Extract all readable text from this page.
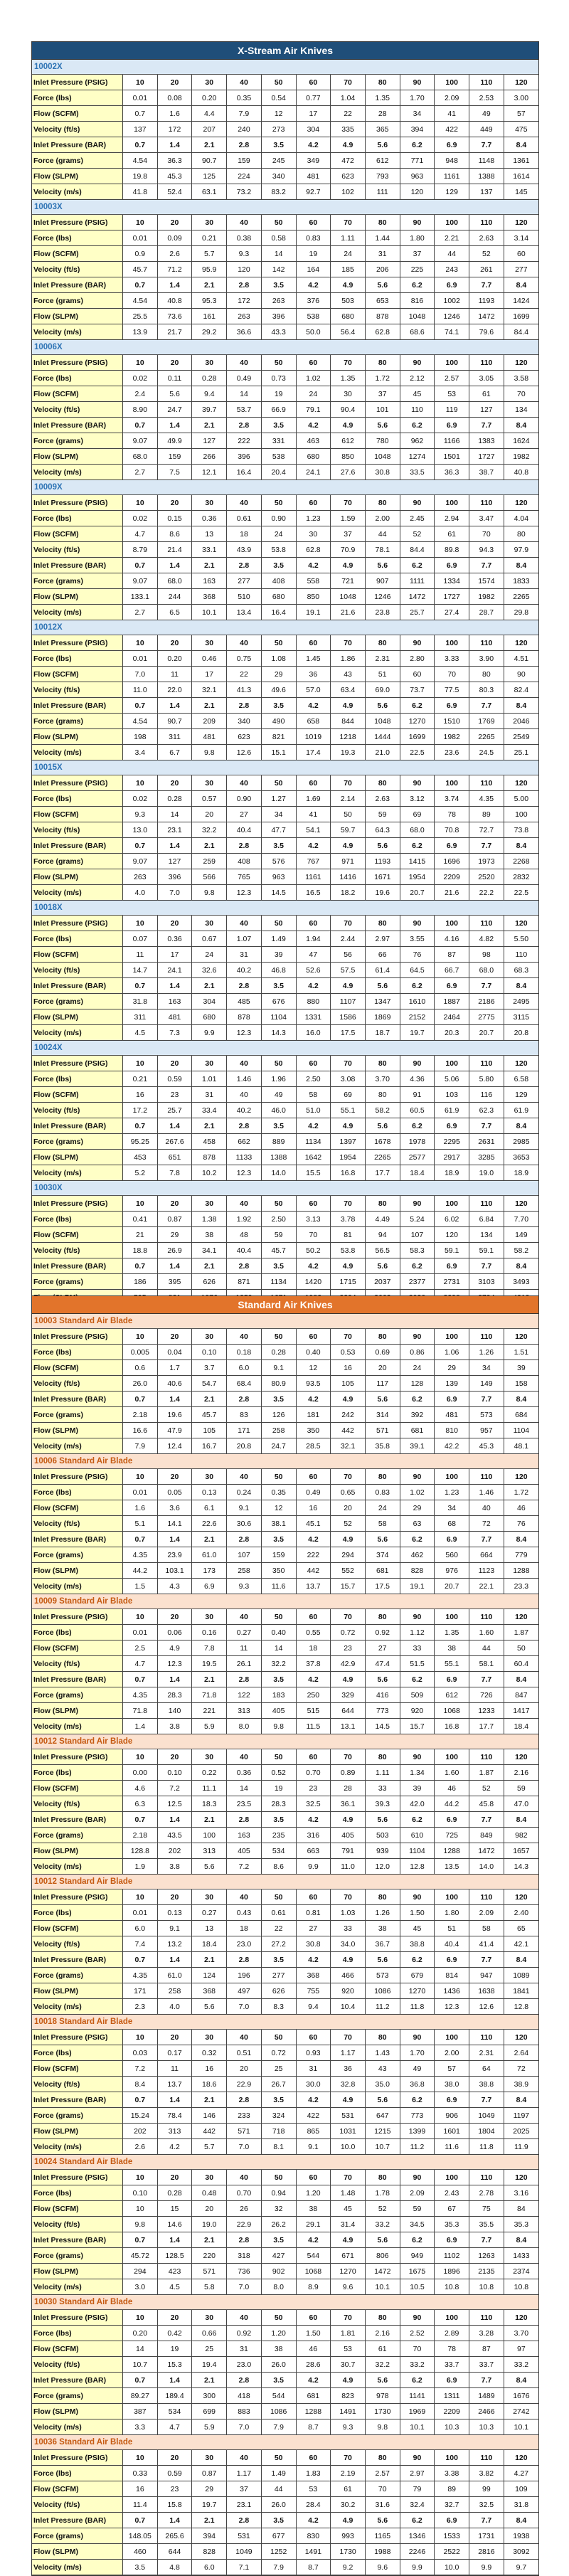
X-Stream Air Knives
10002X
Inlet Pressure (PSIG)	10	20	30	40	50	60	70	80	90	100	110	120
Force (lbs)	0.01	0.08	0.20	0.35	0.54	0.77	1.04	1.35	1.70	2.09	2.53	3.00
Flow (SCFM)	0.7	1.6	4.4	7.9	12	17	22	28	34	41	49	57
Velocity (ft/s)	137	172	207	240	273	304	335	365	394	422	449	475
Inlet Pressure (BAR)	0.7	1.4	2.1	2.8	3.5	4.2	4.9	5.6	6.2	6.9	7.7	8.4
Force (grams)	4.54	36.3	90.7	159	245	349	472	612	771	948	1148	1361
Flow (SLPM)	19.8	45.3	125	224	340	481	623	793	963	1161	1388	1614
Velocity (m/s)	41.8	52.4	63.1	73.2	83.2	92.7	102	111	120	129	137	145
10003X
Inlet Pressure (PSIG)	10	20	30	40	50	60	70	80	90	100	110	120
Force (lbs)	0.01	0.09	0.21	0.38	0.58	0.83	1.11	1.44	1.80	2.21	2.63	3.14
Flow (SCFM)	0.9	2.6	5.7	9.3	14	19	24	31	37	44	52	60
Velocity (ft/s)	45.7	71.2	95.9	120	142	164	185	206	225	243	261	277
Inlet Pressure (BAR)	0.7	1.4	2.1	2.8	3.5	4.2	4.9	5.6	6.2	6.9	7.7	8.4
Force (grams)	4.54	40.8	95.3	172	263	376	503	653	816	1002	1193	1424
Flow (SLPM)	25.5	73.6	161	263	396	538	680	878	1048	1246	1472	1699
Velocity (m/s)	13.9	21.7	29.2	36.6	43.3	50.0	56.4	62.8	68.6	74.1	79.6	84.4
10006X
Inlet Pressure (PSIG)	10	20	30	40	50	60	70	80	90	100	110	120
Force (lbs)	0.02	0.11	0.28	0.49	0.73	1.02	1.35	1.72	2.12	2.57	3.05	3.58
Flow (SCFM)	2.4	5.6	9.4	14	19	24	30	37	45	53	61	70
Velocity (ft/s)	8.90	24.7	39.7	53.7	66.9	79.1	90.4	101	110	119	127	134
Inlet Pressure (BAR)	0.7	1.4	2.1	2.8	3.5	4.2	4.9	5.6	6.2	6.9	7.7	8.4
Force (grams)	9.07	49.9	127	222	331	463	612	780	962	1166	1383	1624
Flow (SLPM)	68.0	159	266	396	538	680	850	1048	1274	1501	1727	1982
Velocity (m/s)	2.7	7.5	12.1	16.4	20.4	24.1	27.6	30.8	33.5	36.3	38.7	40.8
10009X
Inlet Pressure (PSIG)	10	20	30	40	50	60	70	80	90	100	110	120
Force (lbs)	0.02	0.15	0.36	0.61	0.90	1.23	1.59	2.00	2.45	2.94	3.47	4.04
Flow (SCFM)	4.7	8.6	13	18	24	30	37	44	52	61	70	80
Velocity (ft/s)	8.79	21.4	33.1	43.9	53.8	62.8	70.9	78.1	84.4	89.8	94.3	97.9
Inlet Pressure (BAR)	0.7	1.4	2.1	2.8	3.5	4.2	4.9	5.6	6.2	6.9	7.7	8.4
Force (grams)	9.07	68.0	163	277	408	558	721	907	1111	1334	1574	1833
Flow (SLPM)	133.1	244	368	510	680	850	1048	1246	1472	1727	1982	2265
Velocity (m/s)	2.7	6.5	10.1	13.4	16.4	19.1	21.6	23.8	25.7	27.4	28.7	29.8
10012X
Inlet Pressure (PSIG)	10	20	30	40	50	60	70	80	90	100	110	120
Force (lbs)	0.01	0.20	0.46	0.75	1.08	1.45	1.86	2.31	2.80	3.33	3.90	4.51
Flow (SCFM)	7.0	11	17	22	29	36	43	51	60	70	80	90
Velocity (ft/s)	11.0	22.0	32.1	41.3	49.6	57.0	63.4	69.0	73.7	77.5	80.3	82.4
Inlet Pressure (BAR)	0.7	1.4	2.1	2.8	3.5	4.2	4.9	5.6	6.2	6.9	7.7	8.4
Force (grams)	4.54	90.7	209	340	490	658	844	1048	1270	1510	1769	2046
Flow (SLPM)	198	311	481	623	821	1019	1218	1444	1699	1982	2265	2549
Velocity (m/s)	3.4	6.7	9.8	12.6	15.1	17.4	19.3	21.0	22.5	23.6	24.5	25.1
10015X
Inlet Pressure (PSIG)	10	20	30	40	50	60	70	80	90	100	110	120
Force (lbs)	0.02	0.28	0.57	0.90	1.27	1.69	2.14	2.63	3.12	3.74	4.35	5.00
Flow (SCFM)	9.3	14	20	27	34	41	50	59	69	78	89	100
Velocity (ft/s)	13.0	23.1	32.2	40.4	47.7	54.1	59.7	64.3	68.0	70.8	72.7	73.8
Inlet Pressure (BAR)	0.7	1.4	2.1	2.8	3.5	4.2	4.9	5.6	6.2	6.9	7.7	8.4
Force (grams)	9.07	127	259	408	576	767	971	1193	1415	1696	1973	2268
Flow (SLPM)	263	396	566	765	963	1161	1416	1671	1954	2209	2520	2832
Velocity (m/s)	4.0	7.0	9.8	12.3	14.5	16.5	18.2	19.6	20.7	21.6	22.2	22.5
10018X
Inlet Pressure (PSIG)	10	20	30	40	50	60	70	80	90	100	110	120
Force (lbs)	0.07	0.36	0.67	1.07	1.49	1.94	2.44	2.97	3.55	4.16	4.82	5.50
Flow (SCFM)	11	17	24	31	39	47	56	66	76	87	98	110
Velocity (ft/s)	14.7	24.1	32.6	40.2	46.8	52.6	57.5	61.4	64.5	66.7	68.0	68.3
Inlet Pressure (BAR)	0.7	1.4	2.1	2.8	3.5	4.2	4.9	5.6	6.2	6.9	7.7	8.4
Force (grams)	31.8	163	304	485	676	880	1107	1347	1610	1887	2186	2495
Flow (SLPM)	311	481	680	878	1104	1331	1586	1869	2152	2464	2775	3115
Velocity (m/s)	4.5	7.3	9.9	12.3	14.3	16.0	17.5	18.7	19.7	20.3	20.7	20.8
10024X
Inlet Pressure (PSIG)	10	20	30	40	50	60	70	80	90	100	110	120
Force (lbs)	0.21	0.59	1.01	1.46	1.96	2.50	3.08	3.70	4.36	5.06	5.80	6.58
Flow (SCFM)	16	23	31	40	49	58	69	80	91	103	116	129
Velocity (ft/s)	17.2	25.7	33.4	40.2	46.0	51.0	55.1	58.2	60.5	61.9	62.3	61.9
Inlet Pressure (BAR)	0.7	1.4	2.1	2.8	3.5	4.2	4.9	5.6	6.2	6.9	7.7	8.4
Force (grams)	95.25	267.6	458	662	889	1134	1397	1678	1978	2295	2631	2985
Flow (SLPM)	453	651	878	1133	1388	1642	1954	2265	2577	2917	3285	3653
Velocity (m/s)	5.2	7.8	10.2	12.3	14.0	15.5	16.8	17.7	18.4	18.9	19.0	18.9
10030X
Inlet Pressure (PSIG)	10	20	30	40	50	60	70	80	90	100	110	120
Force (lbs)	0.41	0.87	1.38	1.92	2.50	3.13	3.78	4.49	5.24	6.02	6.84	7.70
Flow (SCFM)	21	29	38	48	59	70	81	94	107	120	134	149
Velocity (ft/s)	18.8	26.9	34.1	40.4	45.7	50.2	53.8	56.5	58.3	59.1	59.1	58.2
Inlet Pressure (BAR)	0.7	1.4	2.1	2.8	3.5	4.2	4.9	5.6	6.2	6.9	7.7	8.4
Force (grams)	186	395	626	871	1134	1420	1715	2037	2377	2731	3103	3493

Standard Air Knives
10003 Standard Air Blade
Inlet Pressure (PSIG)	10	20	30	40	50	60	70	80	90	100	110	120
Force (lbs)	0.005	0.04	0.10	0.18	0.28	0.40	0.53	0.69	0.86	1.06	1.26	1.51
Flow (SCFM)	0.6	1.7	3.7	6.0	9.1	12	16	20	24	29	34	39
Velocity (ft/s)	26.0	40.6	54.7	68.4	80.9	93.5	105	117	128	139	149	158
Inlet Pressure (BAR)	0.7	1.4	2.1	2.8	3.5	4.2	4.9	5.6	6.2	6.9	7.7	8.4
Force (grams)	2.18	19.6	45.7	83	126	181	242	314	392	481	573	684
Flow (SLPM)	16.6	47.9	105	171	258	350	442	571	681	810	957	1104
Velocity (m/s)	7.9	12.4	16.7	20.8	24.7	28.5	32.1	35.8	39.1	42.2	45.3	48.1
10006 Standard Air Blade
Inlet Pressure (PSIG)	10	20	30	40	50	60	70	80	90	100	110	120
Force (lbs)	0.01	0.05	0.13	0.24	0.35	0.49	0.65	0.83	1.02	1.23	1.46	1.72
Flow (SCFM)	1.6	3.6	6.1	9.1	12	16	20	24	29	34	40	46
Velocity (ft/s)	5.1	14.1	22.6	30.6	38.1	45.1	52	58	63	68	72	76
Inlet Pressure (BAR)	0.7	1.4	2.1	2.8	3.5	4.2	4.9	5.6	6.2	6.9	7.7	8.4
Force (grams)	4.35	23.9	61.0	107	159	222	294	374	462	560	664	779
Flow (SLPM)	44.2	103.1	173	258	350	442	552	681	828	976	1123	1288
Velocity (m/s)	1.5	4.3	6.9	9.3	11.6	13.7	15.7	17.5	19.1	20.7	22.1	23.3
10009 Standard Air Blade
Inlet Pressure (PSIG)	10	20	30	40	50	60	70	80	90	100	110	120
Force (lbs)	0.01	0.06	0.16	0.27	0.40	0.55	0.72	0.92	1.12	1.35	1.60	1.87
Flow (SCFM)	2.5	4.9	7.8	11	14	18	23	27	33	38	44	50
Velocity (ft/s)	4.7	12.3	19.5	26.1	32.2	37.8	42.9	47.4	51.5	55.1	58.1	60.4
Inlet Pressure (BAR)	0.7	1.4	2.1	2.8	3.5	4.2	4.9	5.6	6.2	6.9	7.7	8.4
Force (grams)	4.35	28.3	71.8	122	183	250	329	416	509	612	726	847
Flow (SLPM)	71.8	140	221	313	405	515	644	773	920	1068	1233	1417
Velocity (m/s)	1.4	3.8	5.9	8.0	9.8	11.5	13.1	14.5	15.7	16.8	17.7	18.4
10012 Standard Air Blade
Inlet Pressure (PSIG)	10	20	30	40	50	60	70	80	90	100	110	120
Force (lbs)	0.00	0.10	0.22	0.36	0.52	0.70	0.89	1.11	1.34	1.60	1.87	2.16
Flow (SCFM)	4.6	7.2	11.1	14	19	23	28	33	39	46	52	59
Velocity (ft/s)	6.3	12.5	18.3	23.5	28.3	32.5	36.1	39.3	42.0	44.2	45.8	47.0
Inlet Pressure (BAR)	0.7	1.4	2.1	2.8	3.5	4.2	4.9	5.6	6.2	6.9	7.7	8.4
Force (grams)	2.18	43.5	100	163	235	316	405	503	610	725	849	982
Flow (SLPM)	128.8	202	313	405	534	663	791	939	1104	1288	1472	1657
Velocity (m/s)	1.9	3.8	5.6	7.2	8.6	9.9	11.0	12.0	12.8	13.5	14.0	14.3
10012 Standard Air Blade
Inlet Pressure (PSIG)	10	20	30	40	50	60	70	80	90	100	110	120
Force (lbs)	0.01	0.13	0.27	0.43	0.61	0.81	1.03	1.26	1.50	1.80	2.09	2.40
Flow (SCFM)	6.0	9.1	13	18	22	27	33	38	45	51	58	65
Velocity (ft/s)	7.4	13.2	18.4	23.0	27.2	30.8	34.0	36.7	38.8	40.4	41.4	42.1
Inlet Pressure (BAR)	0.7	1.4	2.1	2.8	3.5	4.2	4.9	5.6	6.2	6.9	7.7	8.4
Force (grams)	4.35	61.0	124	196	277	368	466	573	679	814	947	1089
Flow (SLPM)	171	258	368	497	626	755	920	1086	1270	1436	1638	1841
Velocity (m/s)	2.3	4.0	5.6	7.0	8.3	9.4	10.4	11.2	11.8	12.3	12.6	12.8
10018 Standard Air Blade
Inlet Pressure (PSIG)	10	20	30	40	50	60	70	80	90	100	110	120
Force (lbs)	0.03	0.17	0.32	0.51	0.72	0.93	1.17	1.43	1.70	2.00	2.31	2.64
Flow (SCFM)	7.2	11	16	20	25	31	36	43	49	57	64	72
Velocity (ft/s)	8.4	13.7	18.6	22.9	26.7	30.0	32.8	35.0	36.8	38.0	38.8	38.9
Inlet Pressure (BAR)	0.7	1.4	2.1	2.8	3.5	4.2	4.9	5.6	6.2	6.9	7.7	8.4
Force (grams)	15.24	78.4	146	233	324	422	531	647	773	906	1049	1197
Flow (SLPM)	202	313	442	571	718	865	1031	1215	1399	1601	1804	2025
Velocity (m/s)	2.6	4.2	5.7	7.0	8.1	9.1	10.0	10.7	11.2	11.6	11.8	11.9
10024 Standard Air Blade
Inlet Pressure (PSIG)	10	20	30	40	50	60	70	80	90	100	110	120
Force (lbs)	0.10	0.28	0.48	0.70	0.94	1.20	1.48	1.78	2.09	2.43	2.78	3.16
Flow (SCFM)	10	15	20	26	32	38	45	52	59	67	75	84
Velocity (ft/s)	9.8	14.6	19.0	22.9	26.2	29.1	31.4	33.2	34.5	35.3	35.5	35.3
Inlet Pressure (BAR)	0.7	1.4	2.1	2.8	3.5	4.2	4.9	5.6	6.2	6.9	7.7	8.4
Force (grams)	45.72	128.5	220	318	427	544	671	806	949	1102	1263	1433
Flow (SLPM)	294	423	571	736	902	1068	1270	1472	1675	1896	2135	2374
Velocity (m/s)	3.0	4.5	5.8	7.0	8.0	8.9	9.6	10.1	10.5	10.8	10.8	10.8
10030 Standard Air Blade
Inlet Pressure (PSIG)	10	20	30	40	50	60	70	80	90	100	110	120
Force (lbs)	0.20	0.42	0.66	0.92	1.20	1.50	1.81	2.16	2.52	2.89	3.28	3.70
Flow (SCFM)	14	19	25	31	38	46	53	61	70	78	87	97
Velocity (ft/s)	10.7	15.3	19.4	23.0	26.0	28.6	30.7	32.2	33.2	33.7	33.7	33.2
Inlet Pressure (BAR)	0.7	1.4	2.1	2.8	3.5	4.2	4.9	5.6	6.2	6.9	7.7	8.4
Force (grams)	89.27	189.4	300	418	544	681	823	978	1141	1311	1489	1676
Flow (SLPM)	387	534	699	883	1086	1288	1491	1730	1969	2209	2466	2742
Velocity (m/s)	3.3	4.7	5.9	7.0	7.9	8.7	9.3	9.8	10.1	10.3	10.3	10.1
10036 Standard Air Blade
Inlet Pressure (PSIG)	10	20	30	40	50	60	70	80	90	100	110	120
Force (lbs)	0.33	0.59	0.87	1.17	1.49	1.83	2.19	2.57	2.97	3.38	3.82	4.27
Flow (SCFM)	16	23	29	37	44	53	61	70	79	89	99	109
Velocity (ft/s)	11.4	15.8	19.7	23.1	26.0	28.4	30.2	31.6	32.4	32.7	32.5	31.8
Inlet Pressure (BAR)	0.7	1.4	2.1	2.8	3.5	4.2	4.9	5.6	6.2	6.9	7.7	8.4
Force (grams)	148.05	265.6	394	531	677	830	993	1165	1346	1533	1731	1938
Flow (SLPM)	460	644	828	1049	1252	1491	1730	1988	2246	2522	2816	3092
Velocity (m/s)	3.5	4.8	6.0	7.1	7.9	8.7	9.2	9.6	9.9	10.0	9.9	9.7
